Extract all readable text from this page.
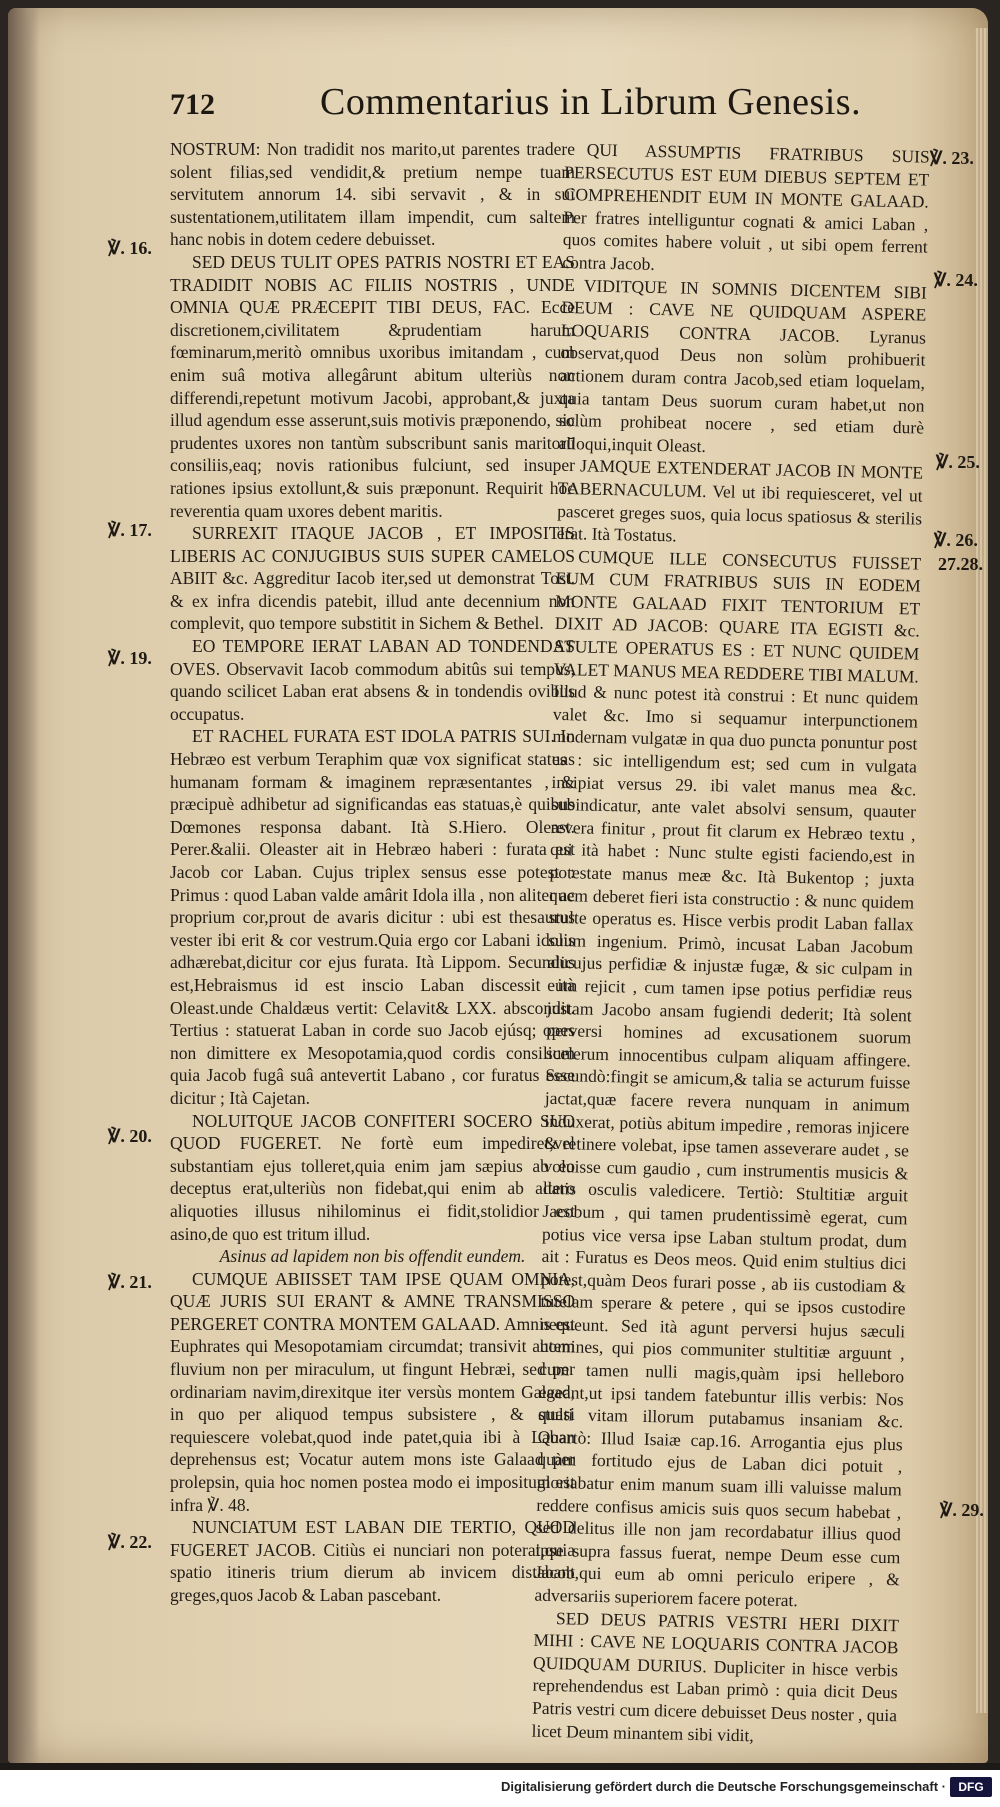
712	Commentarius in Librum Genesis.

NOSTRUM: Non tradidit nos marito,ut parentes tradere solent filias,sed vendidit,& pretium nempe tuam servitutem annorum 14. sibi servavit , & in sui sustentationem,utilitatem illam impendit, cum saltem hanc nobis in dotem cedere debuisset.

SED DEUS TULIT OPES PATRIS NOSTRI ET EAS TRADIDIT NOBIS AC FILIIS NOSTRIS , UNDE OMNIA QUÆ PRÆCEPIT TIBI DEUS, FAC. Ecce discretionem,civilitatem &prudentiam harum fœminarum,meritò omnibus uxoribus imitandam , cum enim suâ motiva allegârunt abitum ulteriùs non differendi,repetunt motivum Jacobi, approbant,& juxta illud agendum esse asserunt,suis motivis præponendo, sic prudentes uxores non tantùm subscribunt sanis maritorū consiliis,eaq; novis rationibus fulciunt, sed insuper rationes ipsius extollunt,& suis præponunt. Requirit hoc reverentia quam uxores debent maritis.

SURREXIT ITAQUE JACOB , ET IMPOSITIS LIBERIS AC CONJUGIBUS SUIS SUPER CAMELOS ABIIT &c. Aggreditur Iacob iter,sed ut demonstrat Tost. & ex infra dicendis patebit, illud ante decennium non complevit, quo tempore substitit in Sichem & Bethel.

EO TEMPORE IERAT LABAN AD TONDENDAS OVES. Observavit Iacob commodum abitûs sui tempus, quando scilicet Laban erat absens & in tondendis ovibus occupatus.

ET RACHEL FURATA EST IDOLA PATRIS SUI. In Hebræo est verbum Teraphim quæ vox significat statuas humanam formam & imaginem repræsentantes , & præcipuè adhibetur ad significandas eas statuas,è quibus Dœmones responsa dabant. Ità S.Hiero. Oleast. Perer.&alii. Oleaster ait in Hebræo haberi : furata est Jacob cor Laban. Cujus triplex sensus esse potest : Primus : quod Laban valde amârit Idola illa , non aliter ac proprium cor,prout de avaris dicitur : ubi est thesaurus vester ibi erit & cor vestrum.Quia ergo cor Labani idolis adhærebat,dicitur cor ejus furata. Ità Lippom. Secundus est,Hebraismus id est inscio Laban discessit ità Oleast.unde Chaldæus vertit: Celavit& LXX. abscondit. Tertius : statuerat Laban in corde suo Jacob ejúsq; opes non dimittere ex Mesopotamia,quod cordis consilium quia Jacob fugâ suâ antevertit Labano , cor furatus esse dicitur ; Ità Cajetan.

NOLUITQUE JACOB CONFITERI SOCERO SUO QUOD FUGERET. Ne fortè eum impediret,vel substantiam ejus tolleret,quia enim jam sæpius ab eo deceptus erat,ulteriùs non fidebat,qui enim ab altero aliquoties illusus nihilominus ei fidit,stolidior est asino,de quo est tritum illud.

Asinus ad lapidem non bis offendit eundem.

CUMQUE ABIISSET TAM IPSE QUAM OMNIA, QUÆ JURIS SUI ERANT & AMNE TRANSMISSO PERGERET CONTRA MONTEM GALAAD. Amnis est Euphrates qui Mesopotamiam circumdat; transivit autem fluvium non per miraculum, ut fingunt Hebræi, sed per ordinariam navim,direxitque iter versùs montem Galaad, in quo per aliquod tempus subsistere , & quasi requiescere volebat,quod inde patet,quia ibi à Laban deprehensus est; Vocatur autem mons iste Galaad per prolepsin, quia hoc nomen postea modo ei impositum est infra ℣. 48.

NUNCIATUM EST LABAN DIE TERTIO, QUOD FUGERET JACOB. Citiùs ei nunciari non poterat,quia spatio itineris trium dierum ab invicem distabant greges,quos Jacob & Laban pascebant.

QUI ASSUMPTIS FRATRIBUS SUIS PERSECUTUS EST EUM DIEBUS SEPTEM ET COMPREHENDIT EUM IN MONTE GALAAD. Per fratres intelliguntur cognati & amici Laban , quos comites habere voluit , ut sibi opem ferrent contra Jacob.

VIDITQUE IN SOMNIS DICENTEM SIBI DEUM : CAVE NE QUIDQUAM ASPERE LOQUARIS CONTRA JACOB. Lyranus observat,quod Deus non solùm prohibuerit actionem duram contra Jacob,sed etiam loquelam, quia tantam Deus suorum curam habet,ut non solùm prohibeat nocere , sed etiam durè alloqui,inquit Oleast.

JAMQUE EXTENDERAT JACOB IN MONTE TABERNACULUM. Vel ut ibi requiesceret, vel ut pasceret greges suos, quia locus spatiosus & sterilis erat. Ità Tostatus.

CUMQUE ILLE CONSECUTUS FUISSET EUM CUM FRATRIBUS SUIS IN EODEM MONTE GALAAD FIXIT TENTORIUM ET DIXIT AD JACOB: QUARE ITA EGISTI &c. STULTE OPERATUS ES : ET NUNC QUIDEM VALET MANUS MEA REDDERE TIBI MALUM. Illud & nunc potest ità construi : Et nunc quidem valet &c. Imo si sequamur interpunctionem modernam vulgatæ in qua duo puncta ponuntur post es : sic intelligendum est; sed cum in vulgata incipiat versus 29. ibi valet manus mea &c. subindicatur, ante valet absolvi sensum, quauter revera finitur , prout fit clarum ex Hebræo textu , qui ità habet : Nunc stulte egisti faciendo,est in potestate manus meæ &c. Ità Bukentop ; juxta quem deberet fieri ista constructio : & nunc quidem stulte operatus es. Hisce verbis prodit Laban fallax suum ingenium. Primò, incusat Laban Jacobum alicujus perfidiæ & injustæ fugæ, & sic culpam in eum rejicit , cum tamen ipse potius perfidiæ reus justam Jacobo ansam fugiendi dederit; Ità solent perversi homines ad excusationem suorum scelerum innocentibus culpam aliquam affingere. Secundò:fingit se amicum,& talia se acturum fuisse jactat,quæ facere revera nunquam in animum induxerat, potiùs abitum impedire , remoras injicere & retinere volebat, ipse tamen asseverare audet , se voluisse cum gaudio , cum instrumentis musicis & datis osculis valedicere. Tertiò: Stultitiæ arguit Jacobum , qui tamen prudentissimè egerat, cum potius vice versa ipse Laban stultum prodat, dum ait : Furatus es Deos meos. Quid enim stultius dici potest,quàm Deos furari posse , ab iis custodiam & tutelam sperare & petere , qui se ipsos custodire nequeunt. Sed ità agunt perversi hujus sæculi homines, qui pios communiter stultitiæ arguunt , cum tamen nulli magis,quàm ipsi helleboro egeant,ut ipsi tandem fatebuntur illis verbis: Nos stulti vitam illorum putabamus insaniam &c. Quartò: Illud Isaiæ cap.16. Arrogantia ejus plus quàm fortitudo ejus de Laban dici potuit , gloriabatur enim manum suam illi valuisse malum reddere confisus amicis suis quos secum habebat , sed delitus ille non jam recordabatur illius quod ipse supra fassus fuerat, nempe Deum esse cum Jacob,qui eum ab omni periculo eripere , & adversariis superiorem facere poterat.

SED DEUS PATRIS VESTRI HERI DIXIT MIHI : CAVE NE LOQUARIS CONTRA JACOB QUIDQUAM DURIUS. Dupliciter in hisce verbis reprehendendus est Laban primò : quia dicit Deus Patris vestri cum dicere debuisset Deus noster , quia licet Deum minantem sibi vidit,

℣. 16.
℣. 17.
℣. 19.
℣. 20.
℣. 21.
℣. 22.
℣. 23.
℣. 24.
℣. 25.
℣. 26.
27.28.
℣. 29.
Digitalisierung gefördert durch die Deutsche Forschungsgemeinschaft ·	DFG
